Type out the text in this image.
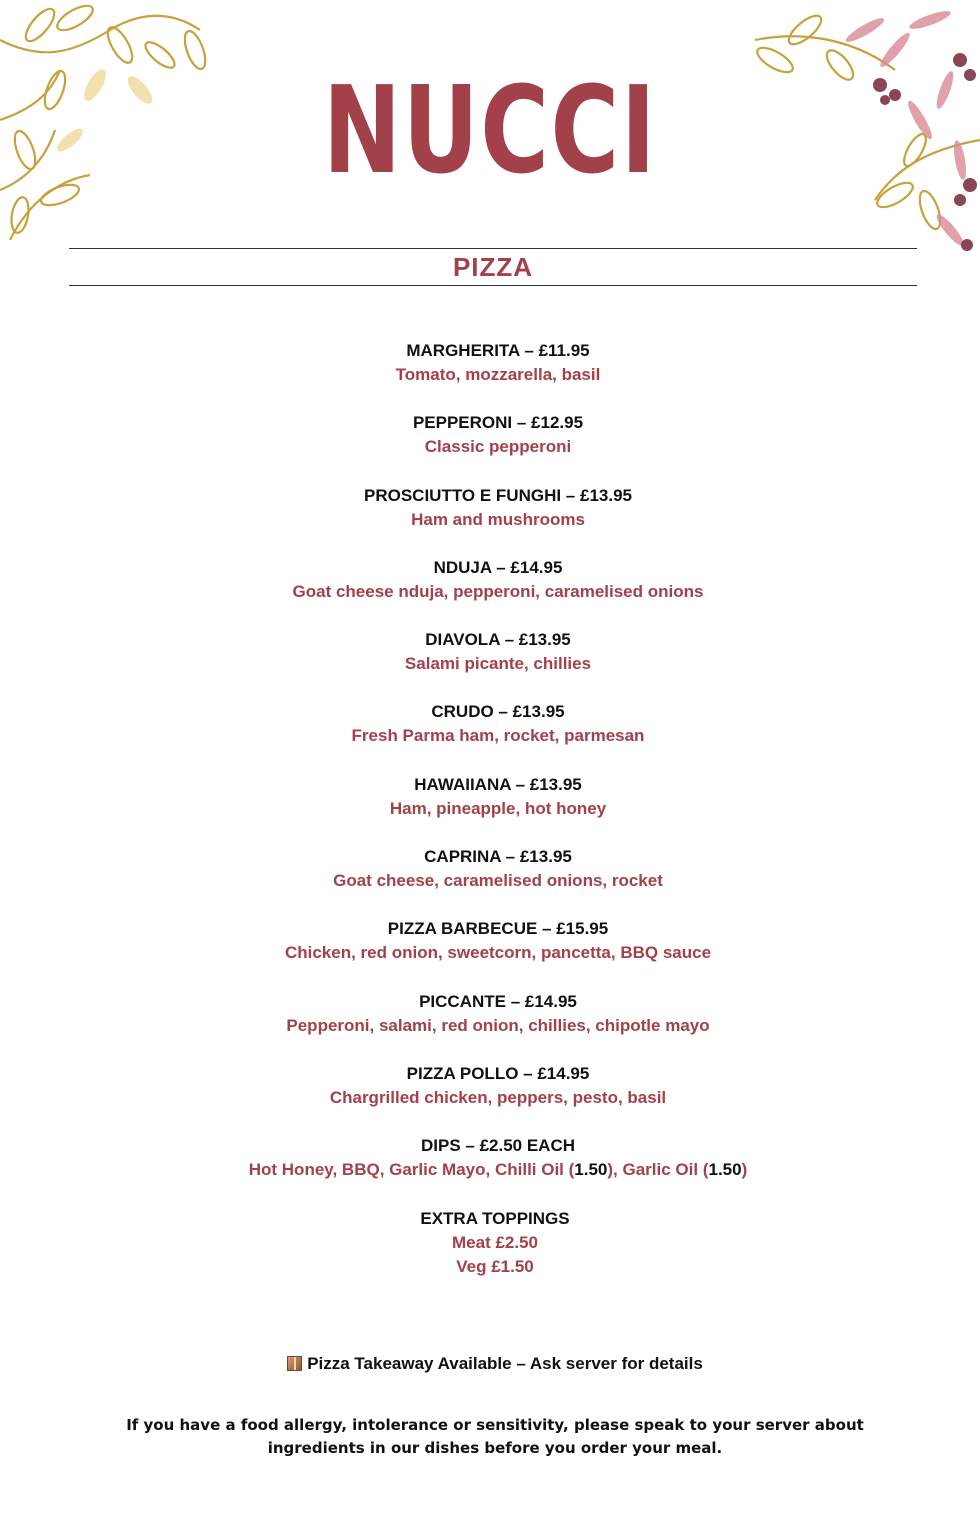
NUCCI
PIZZA
MARGHERITA – £11.95
Tomato, mozzarella, basil
PEPPERONI – £12.95
Classic pepperoni
PROSCIUTTO E FUNGHI – £13.95
Ham and mushrooms
NDUJA – £14.95
Goat cheese nduja, pepperoni, caramelised onions
DIAVOLA – £13.95
Salami picante, chillies
CRUDO – £13.95
Fresh Parma ham, rocket, parmesan
HAWAIIANA – £13.95
Ham, pineapple, hot honey
CAPRINA – £13.95
Goat cheese, caramelised onions, rocket
PIZZA BARBECUE – £15.95
Chicken, red onion, sweetcorn, pancetta, BBQ sauce
PICCANTE – £14.95
Pepperoni, salami, red onion, chillies, chipotle mayo
PIZZA POLLO – £14.95
Chargrilled chicken, peppers, pesto, basil
DIPS – £2.50 EACH
Hot Honey, BBQ, Garlic Mayo, Chilli Oil (1.50), Garlic Oil (1.50)
EXTRA TOPPINGS
Meat £2.50
Veg £1.50
Pizza Takeaway Available – Ask server for details
If you have a food allergy, intolerance or sensitivity, please speak to your server about ingredients in our dishes before you order your meal.
